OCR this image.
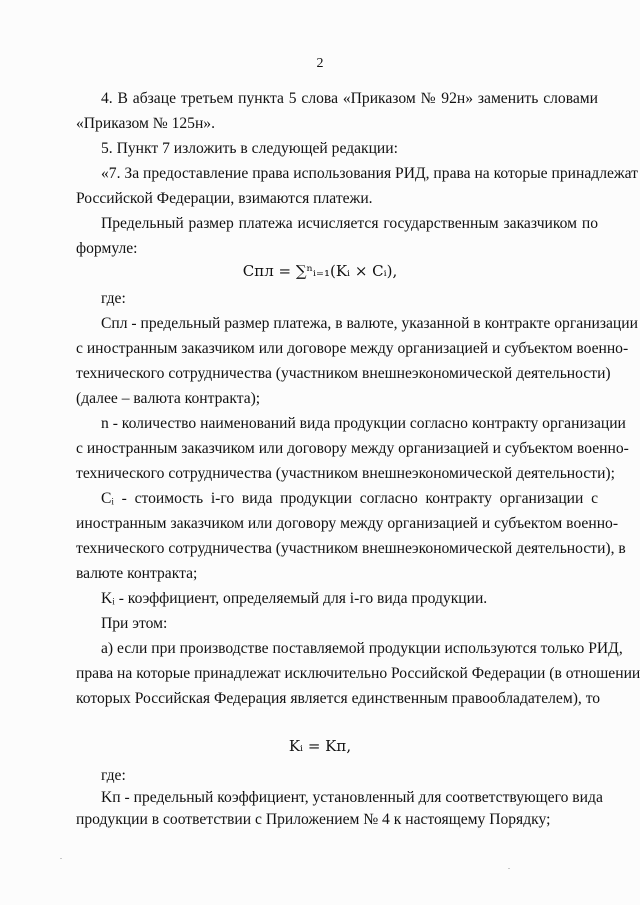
2
4. В абзаце третьем пункта 5 слова «Приказом № 92н» заменить словами
«Приказом № 125н».
5. Пункт 7 изложить в следующей редакции:
«7. За предоставление права использования РИД, права на которые принадлежат
Российской Федерации, взимаются платежи.
Предельный размер платежа исчисляется государственным заказчиком по
формуле:
Cпл = ∑ⁿᵢ₌₁(Kᵢ × Cᵢ),
где:
Cпл - предельный размер платежа, в валюте, указанной в контракте организации
с иностранным заказчиком или договоре между организацией и субъектом военно-
технического сотрудничества (участником внешнеэкономической деятельности)
(далее – валюта контракта);
n - количество наименований вида продукции согласно контракту организации
с иностранным заказчиком или договору между организацией и субъектом военно-
технического сотрудничества (участником внешнеэкономической деятельности);
Cᵢ - стоимость i-го вида продукции согласно контракту организации с
иностранным заказчиком или договору между организацией и субъектом военно-
технического сотрудничества (участником внешнеэкономической деятельности), в
валюте контракта;
Kᵢ - коэффициент, определяемый для i-го вида продукции.
При этом:
а) если при производстве поставляемой продукции используются только РИД,
права на которые принадлежат исключительно Российской Федерации (в отношении
которых Российская Федерация является единственным правообладателем), то
Kᵢ = Kп,
где:
Kп - предельный коэффициент, установленный для соответствующего вида
продукции в соответствии с Приложением № 4 к настоящему Порядку;
